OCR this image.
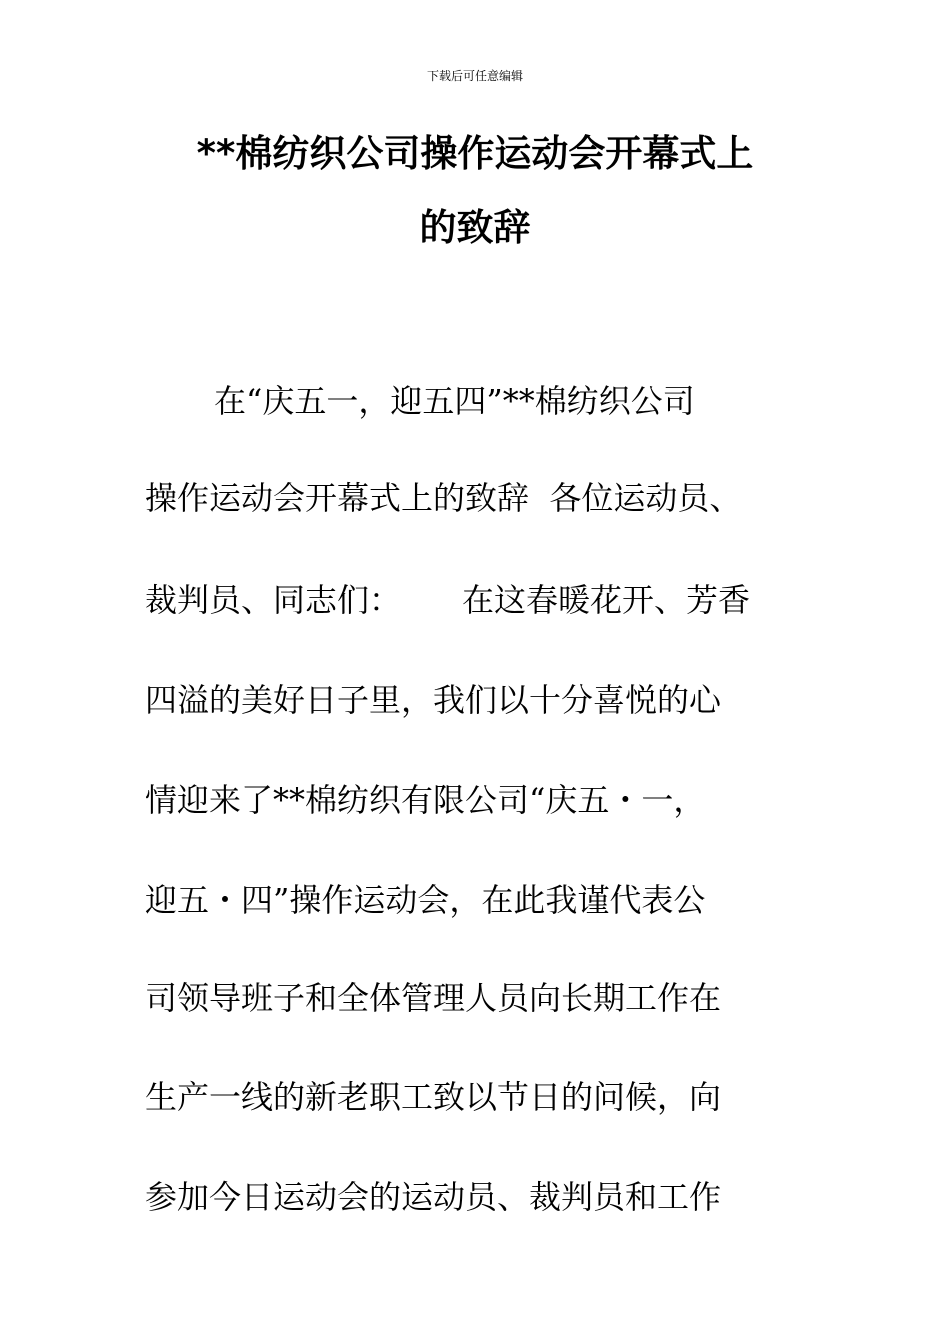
下载后可任意编辑
**棉纺织公司操作运动会开幕式上
的致辞
在“庆五一，迎五四”**棉纺织公司
操作运动会开幕式上的致辞  各位运动员、
裁判员、同志们：      在这春暖花开、芳香
四溢的美好日子里，我们以十分喜悦的心
情迎来了**棉纺织有限公司“庆五・一，
迎五・四”操作运动会，在此我谨代表公
司领导班子和全体管理人员向长期工作在
生产一线的新老职工致以节日的问候，向
参加今日运动会的运动员、裁判员和工作
